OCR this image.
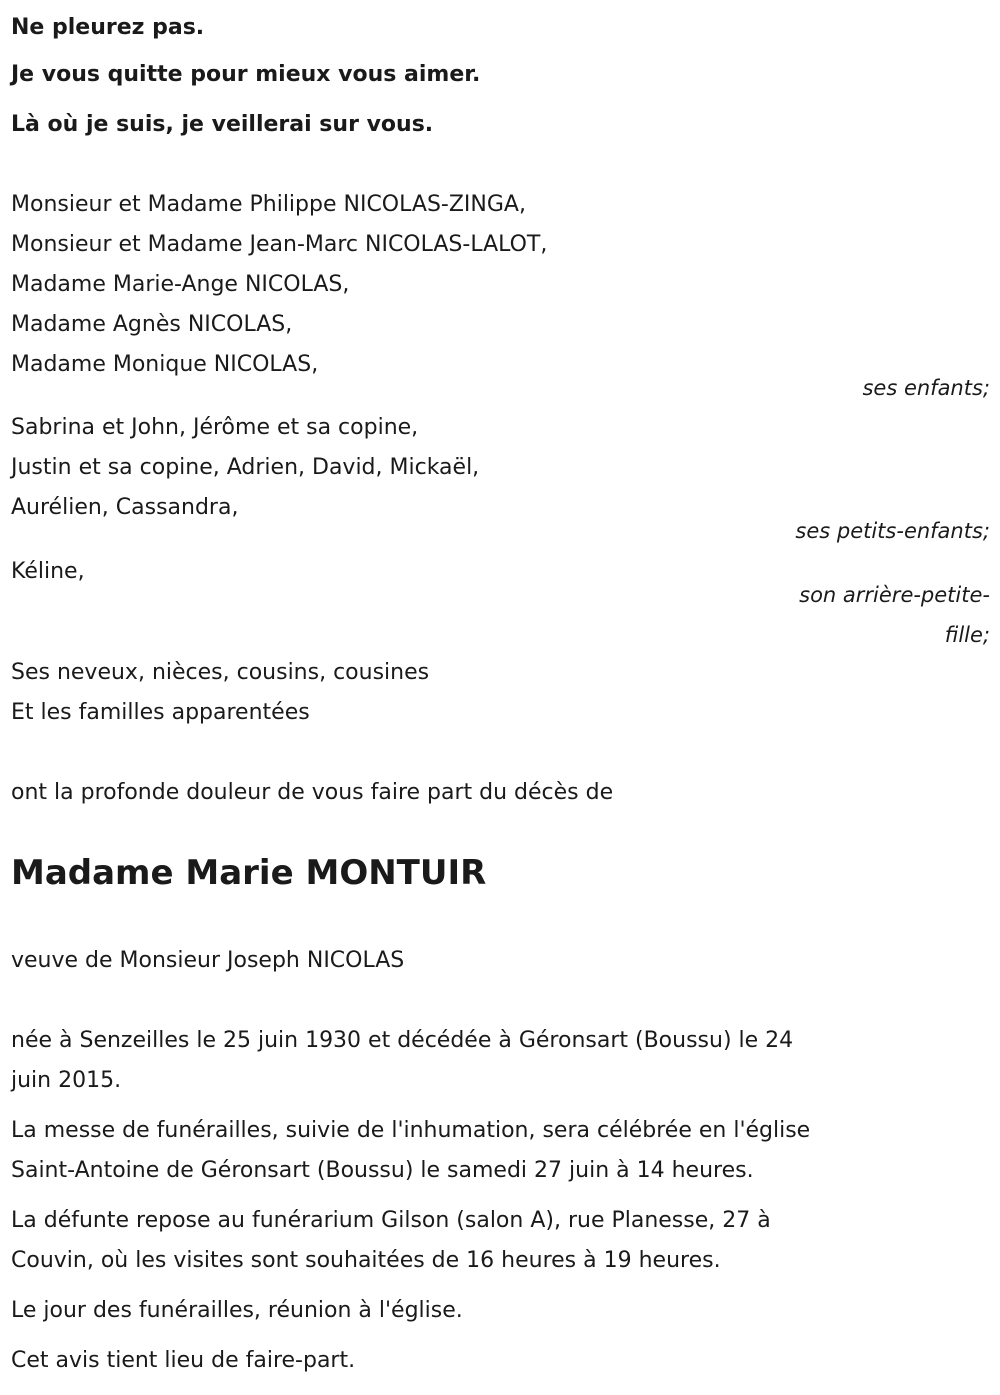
Ne pleurez pas.
Je vous quitte pour mieux vous aimer.
Là où je suis, je veillerai sur vous.
Monsieur et Madame Philippe NICOLAS-ZINGA,
Monsieur et Madame Jean-Marc NICOLAS-LALOT,
Madame Marie-Ange NICOLAS,
Madame Agnès NICOLAS,
Madame Monique NICOLAS,
ses enfants;
Sabrina et John, Jérôme et sa copine,
Justin et sa copine, Adrien, David, Mickaël,
Aurélien, Cassandra,
ses petits-enfants;
Kéline,
son arrière-petite-
fille;
Ses neveux, nièces, cousins, cousines
Et les familles apparentées
ont la profonde douleur de vous faire part du décès de
Madame Marie MONTUIR
veuve de Monsieur Joseph NICOLAS
née à Senzeilles le 25 juin 1930 et décédée à Géronsart (Boussu) le 24
juin 2015.
La messe de funérailles, suivie de l'inhumation, sera célébrée en l'église
Saint-Antoine de Géronsart (Boussu) le samedi 27 juin à 14 heures.
La défunte repose au funérarium Gilson (salon A), rue Planesse, 27 à
Couvin, où les visites sont souhaitées de 16 heures à 19 heures.
Le jour des funérailles, réunion à l'église.
Cet avis tient lieu de faire-part.
